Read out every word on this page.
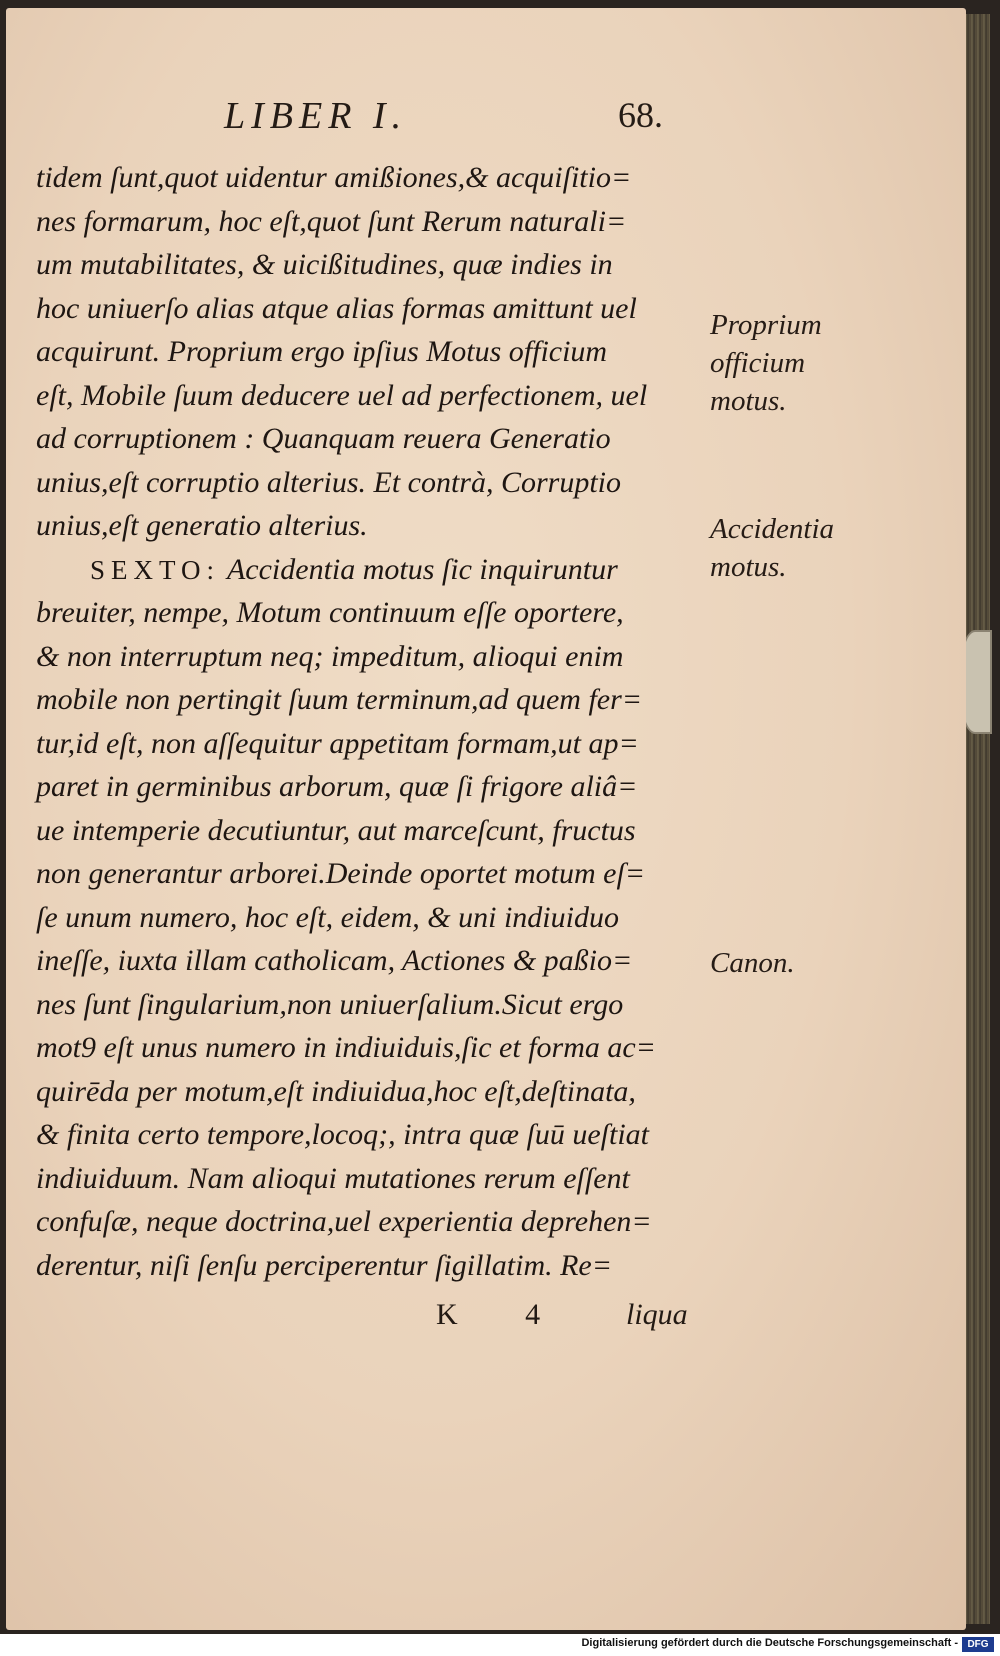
LIBER I.	68.
tidem ſunt,quot uidentur amißiones,& acquiſitio=
nes formarum, hoc eſt,quot ſunt Rerum naturali=
um mutabilitates, & uicißitudines, quæ indies in
hoc uniuerſo alias atque alias formas amittunt uel
acquirunt. Proprium ergo ipſius Motus officium
eſt, Mobile ſuum deducere uel ad perfectionem, uel
ad corruptionem : Quanquam reuera Generatio
unius,eſt corruptio alterius. Et contrà, Corruptio
unius,eſt generatio alterius.
SEXTO: Accidentia motus ſic inquiruntur
breuiter, nempe, Motum continuum eſſe oportere,
& non interruptum neq; impeditum, alioqui enim
mobile non pertingit ſuum terminum,ad quem fer=
tur,id eſt, non aſſequitur appetitam formam,ut ap=
paret in germinibus arborum, quæ ſi frigore aliâ=
ue intemperie decutiuntur, aut marceſcunt, fructus
non generantur arborei.Deinde oportet motum eſ=
ſe unum numero, hoc eſt, eidem, & uni indiuiduo
ineſſe, iuxta illam catholicam, Actiones & paßio=
nes ſunt ſingularium,non uniuerſalium.Sicut ergo
mot9 eſt unus numero in indiuiduis,ſic et forma ac=
quirēda per motum,eſt indiuidua,hoc eſt,deſtinata,
& finita certo tempore,locoq;, intra quæ ſuū ueſtiat
indiuiduum. Nam alioqui mutationes rerum eſſent
confuſæ, neque doctrina,uel experientia deprehen=
derentur, niſi ſenſu perciperentur ſigillatim. Re=
Proprium
officium
motus.
Accidentia
motus.
Canon.
K 4 liqua
Digitalisierung gefördert durch die Deutsche Forschungsgemeinschaft - DFG
